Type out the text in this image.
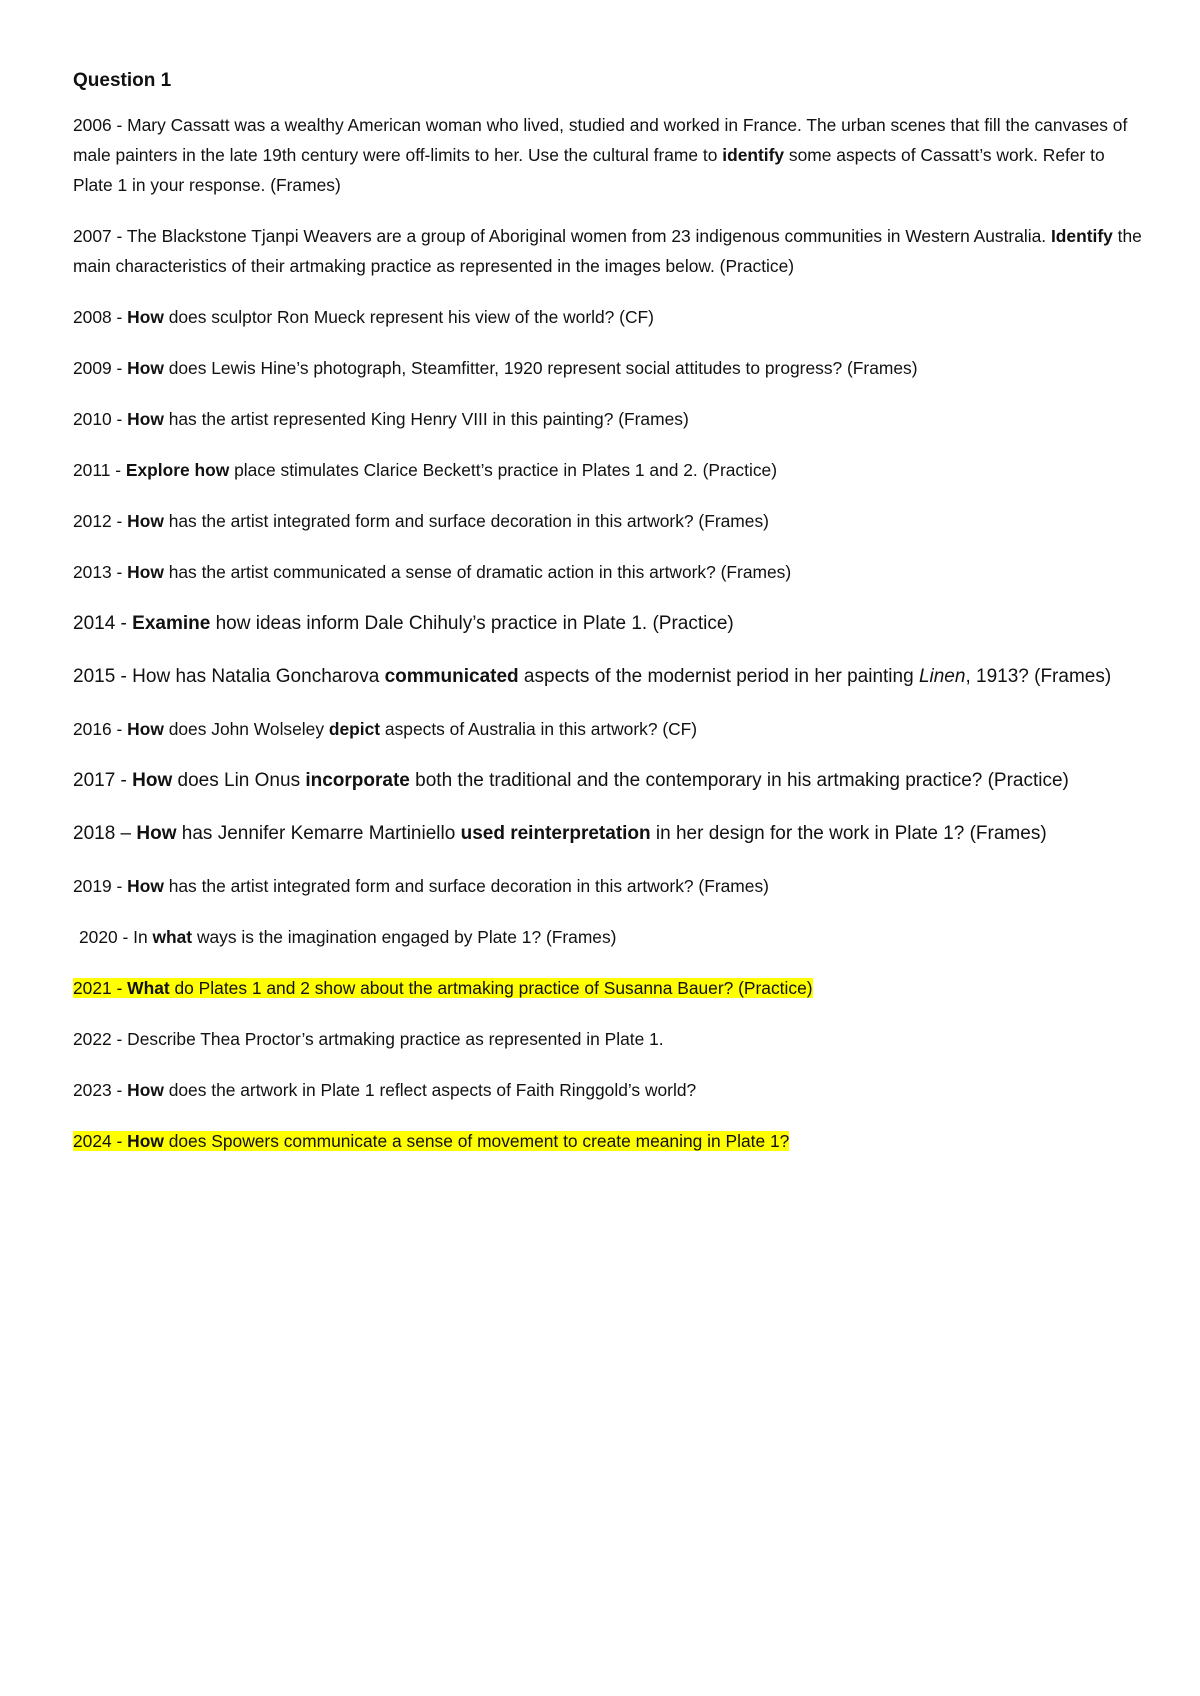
Question 1

2006 - Mary Cassatt was a wealthy American woman who lived, studied and worked in France. The urban scenes that fill the canvases of male painters in the late 19th century were off-limits to her. Use the cultural frame to identify some aspects of Cassatt’s work. Refer to Plate 1 in your response. (Frames)

2007 - The Blackstone Tjanpi Weavers are a group of Aboriginal women from 23 indigenous communities in Western Australia. Identify the main characteristics of their artmaking practice as represented in the images below. (Practice)

2008 - How does sculptor Ron Mueck represent his view of the world? (CF)

2009 - How does Lewis Hine’s photograph, Steamfitter, 1920 represent social attitudes to progress? (Frames)

2010 - How has the artist represented King Henry VIII in this painting? (Frames)

2011 - Explore how place stimulates Clarice Beckett’s practice in Plates 1 and 2. (Practice)

2012 - How has the artist integrated form and surface decoration in this artwork? (Frames)

2013 - How has the artist communicated a sense of dramatic action in this artwork? (Frames)

2014 - Examine how ideas inform Dale Chihuly’s practice in Plate 1. (Practice)

2015 - How has Natalia Goncharova communicated aspects of the modernist period in her painting Linen, 1913? (Frames)

2016 - How does John Wolseley depict aspects of Australia in this artwork? (CF)

2017 - How does Lin Onus incorporate both the traditional and the contemporary in his artmaking practice? (Practice)

2018 – How has Jennifer Kemarre Martiniello used reinterpretation in her design for the work in Plate 1? (Frames)

2019 - How has the artist integrated form and surface decoration in this artwork? (Frames)

2020 - In what ways is the imagination engaged by Plate 1? (Frames)

2021 - What do Plates 1 and 2 show about the artmaking practice of Susanna Bauer? (Practice)

2022 - Describe Thea Proctor’s artmaking practice as represented in Plate 1.

2023 - How does the artwork in Plate 1 reflect aspects of Faith Ringgold’s world?

2024 - How does Spowers communicate a sense of movement to create meaning in Plate 1?
